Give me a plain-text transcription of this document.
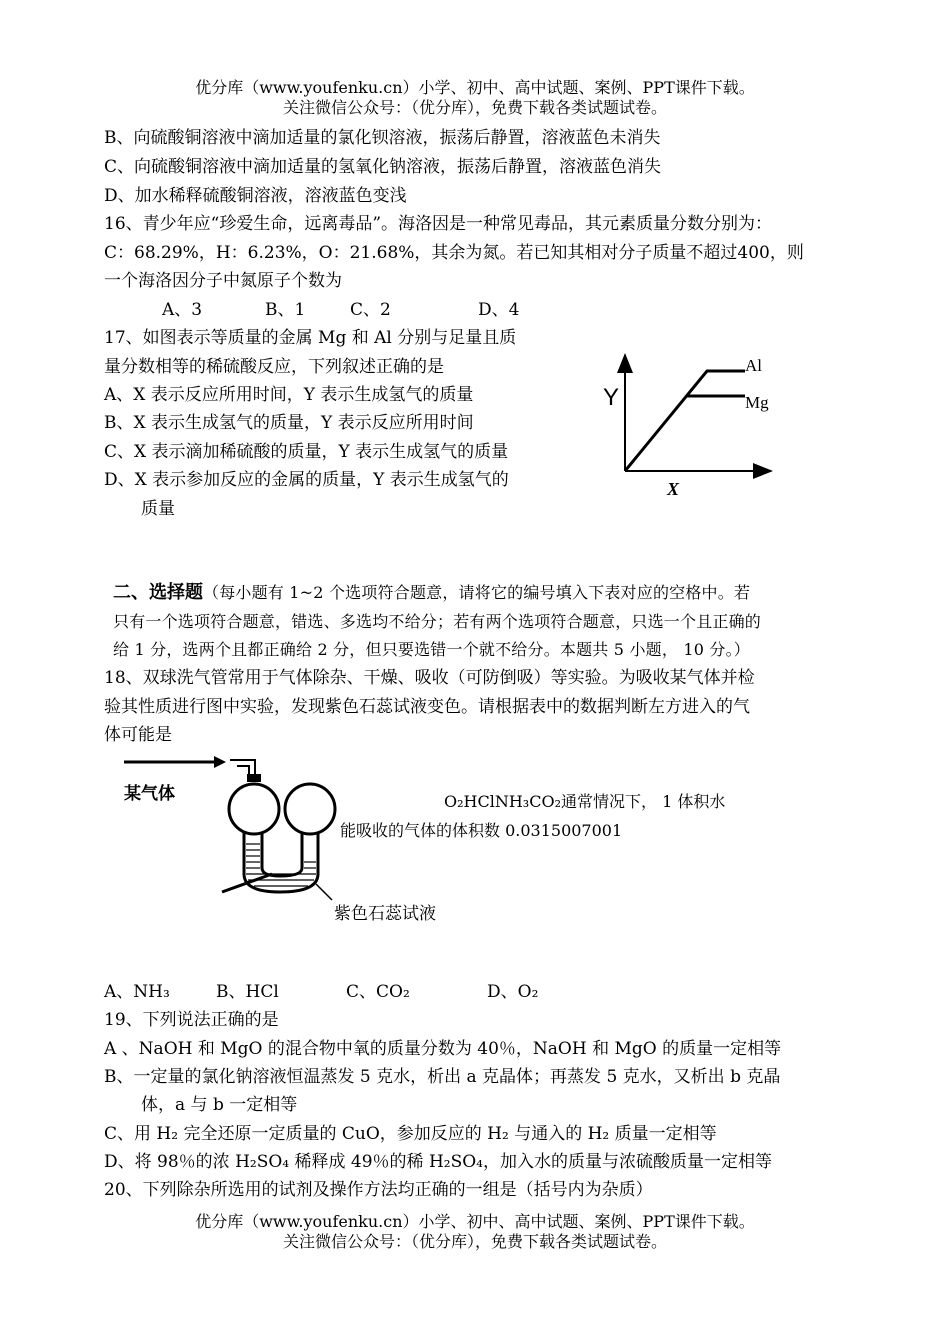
优分库（www.youfenku.cn）小学、初中、高中试题、案例、PPT课件下载。
关注微信公众号：（优分库），免费下载各类试题试卷。
B、向硫酸铜溶液中滴加适量的氯化钡溶液，振荡后静置，溶液蓝色未消失
C、向硫酸铜溶液中滴加适量的氢氧化钠溶液，振荡后静置，溶液蓝色消失
D、加水稀释硫酸铜溶液，溶液蓝色变浅
16、青少年应“珍爱生命，远离毒品”。海洛因是一种常见毒品，其元素质量分数分别为：
C：68.29%，H：6.23%，O：21.68%，其余为氮。若已知其相对分子质量不超过400，则
一个海洛因分子中氮原子个数为
A、3	B、1	C、2	D、4
17、如图表示等质量的金属 Mg 和 Al 分别与足量且质
量分数相等的稀硫酸反应，下列叙述正确的是
A、X 表示反应所用时间，Y 表示生成氢气的质量
B、X 表示生成氢气的质量，Y 表示反应所用时间
C、X 表示滴加稀硫酸的质量，Y 表示生成氢气的质量
D、X 表示参加反应的金属的质量，Y 表示生成氢气的
质量
Y
X
Al
Mg
二、选择题（每小题有 1~2 个选项符合题意，请将它的编号填入下表对应的空格中。若
只有一个选项符合题意，错选、多选均不给分；若有两个选项符合题意，只选一个且正确的
给 1 分，选两个且都正确给 2 分，但只要选错一个就不给分。本题共 5 小题， 10 分。）
18、双球洗气管常用于气体除杂、干燥、吸收（可防倒吸）等实验。为吸收某气体并检
验其性质进行图中实验，发现紫色石蕊试液变色。请根据表中的数据判断左方进入的气
体可能是
某气体	O₂HClNH₃CO₂通常情况下， 1 体积水
能吸收的气体的体积数 0.0315007001
紫色石蕊试液
A、NH₃	B、HCl	C、CO₂	D、O₂
19、下列说法正确的是
A 、NaOH 和 MgO 的混合物中氧的质量分数为 40％，NaOH 和 MgO 的质量一定相等
B、一定量的氯化钠溶液恒温蒸发 5 克水，析出 a 克晶体；再蒸发 5 克水，又析出 b 克晶
体，a 与 b 一定相等
C、用 H₂ 完全还原一定质量的 CuO，参加反应的 H₂ 与通入的 H₂ 质量一定相等
D、将 98％的浓 H₂SO₄ 稀释成 49％的稀 H₂SO₄，加入水的质量与浓硫酸质量一定相等
20、下列除杂所选用的试剂及操作方法均正确的一组是（括号内为杂质）
优分库（www.youfenku.cn）小学、初中、高中试题、案例、PPT课件下载。
关注微信公众号：（优分库），免费下载各类试题试卷。
